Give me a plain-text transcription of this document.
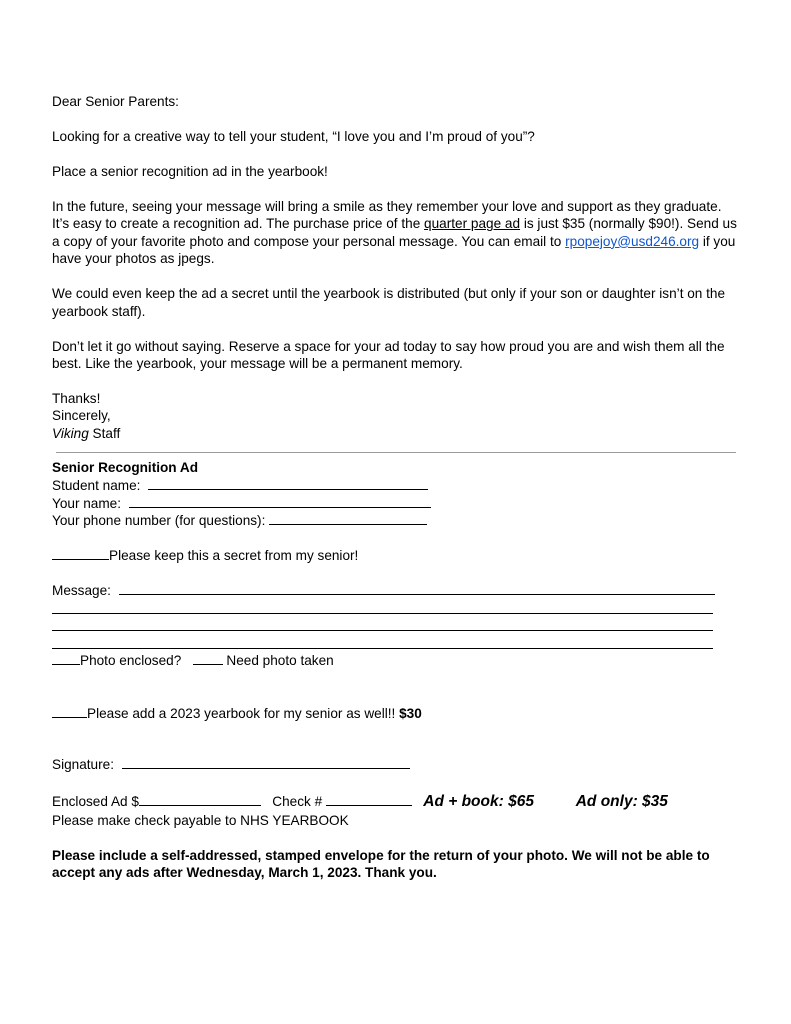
Dear Senior Parents:

Looking for a creative way to tell your student, “I love you and I’m proud of you”?

Place a senior recognition ad in the yearbook!

In the future, seeing your message will bring a smile as they remember your love and support as they graduate. It’s easy to create a recognition ad. The purchase price of the quarter page ad is just $35 (normally $90!). Send us a copy of your favorite photo and compose your personal message. You can email to rpopejoy@usd246.org if you have your photos as jpegs.

We could even keep the ad a secret until the yearbook is distributed (but only if your son or daughter isn’t on the yearbook staff).

Don’t let it go without saying. Reserve a space for your ad today to say how proud you are and wish them all the best. Like the yearbook, your message will be a permanent memory.

Thanks!

Sincerely,

Viking Staff

Senior Recognition Ad
Student name:
Your name:
Your phone number (for questions):
Please keep this a secret from my senior!
Message:
Photo enclosed?	Need photo taken
Please add a 2023 yearbook for my senior as well!! $30
Signature:
Enclosed Ad $	Check #	Ad + book: $65	Ad only: $35
Please make check payable to NHS YEARBOOK
Please include a self-addressed, stamped envelope for the return of your photo. We will not be able to accept any ads after Wednesday, March 1, 2023. Thank you.
